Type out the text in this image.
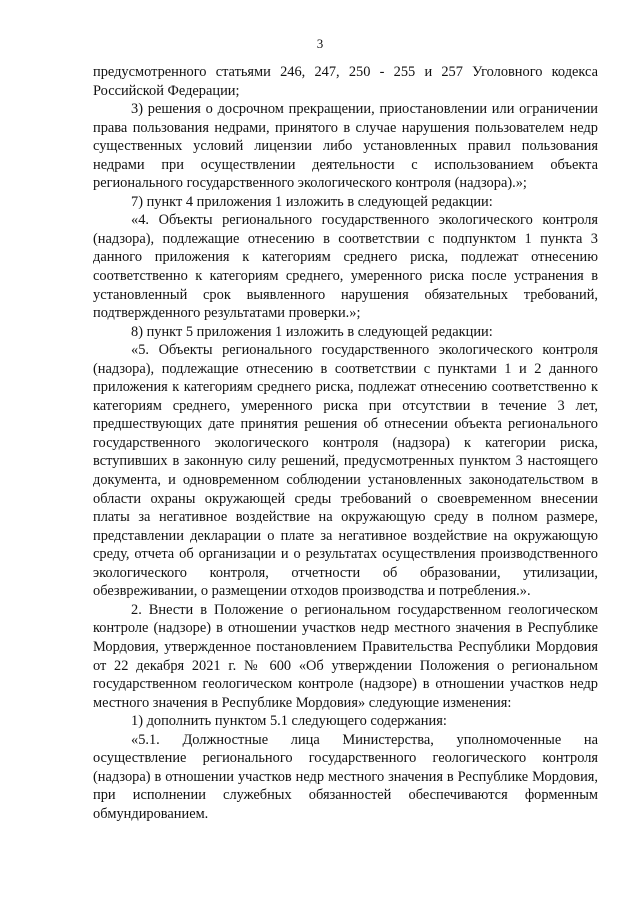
3

предусмотренного статьями 246, 247, 250 - 255 и 257 Уголовного кодекса Российской Федерации;

3) решения о досрочном прекращении, приостановлении или ограничении права пользования недрами, принятого в случае нарушения пользователем недр существенных условий лицензии либо установленных правил пользования недрами при осуществлении деятельности с использованием объекта регионального государственного экологического контроля (надзора).»;

7) пункт 4 приложения 1 изложить в следующей редакции:

«4. Объекты регионального государственного экологического контроля (надзора), подлежащие отнесению в соответствии с подпунктом 1 пункта 3 данного приложения к категориям среднего риска, подлежат отнесению соответственно к категориям среднего, умеренного риска после устранения в установленный срок выявленного нарушения обязательных требований, подтвержденного результатами проверки.»;

8) пункт 5 приложения 1 изложить в следующей редакции:

«5. Объекты регионального государственного экологического контроля (надзора), подлежащие отнесению в соответствии с пунктами 1 и 2 данного приложения к категориям среднего риска, подлежат отнесению соответственно к категориям среднего, умеренного риска при отсутствии в течение 3 лет, предшествующих дате принятия решения об отнесении объекта регионального государственного экологического контроля (надзора) к категории риска, вступивших в законную силу решений, предусмотренных пунктом 3 настоящего документа, и одновременном соблюдении установленных законодательством в области охраны окружающей среды требований о своевременном внесении платы за негативное воздействие на окружающую среду в полном размере, представлении декларации о плате за негативное воздействие на окружающую среду, отчета об организации и о результатах осуществления производственного экологического контроля, отчетности об образовании, утилизации, обезвреживании, о размещении отходов производства и потребления.».

2. Внести в Положение о региональном государственном геологическом контроле (надзоре) в отношении участков недр местного значения в Республике Мордовия, утвержденное постановлением Правительства Республики Мордовия от 22 декабря 2021 г. № 600 «Об утверждении Положения о региональном государственном геологическом контроле (надзоре) в отношении участков недр местного значения в Республике Мордовия» следующие изменения:

1) дополнить пунктом 5.1 следующего содержания:

«5.1. Должностные лица Министерства, уполномоченные на осуществление регионального государственного геологического контроля (надзора) в отношении участков недр местного значения в Республике Мордовия, при исполнении служебных обязанностей обеспечиваются форменным обмундированием.
